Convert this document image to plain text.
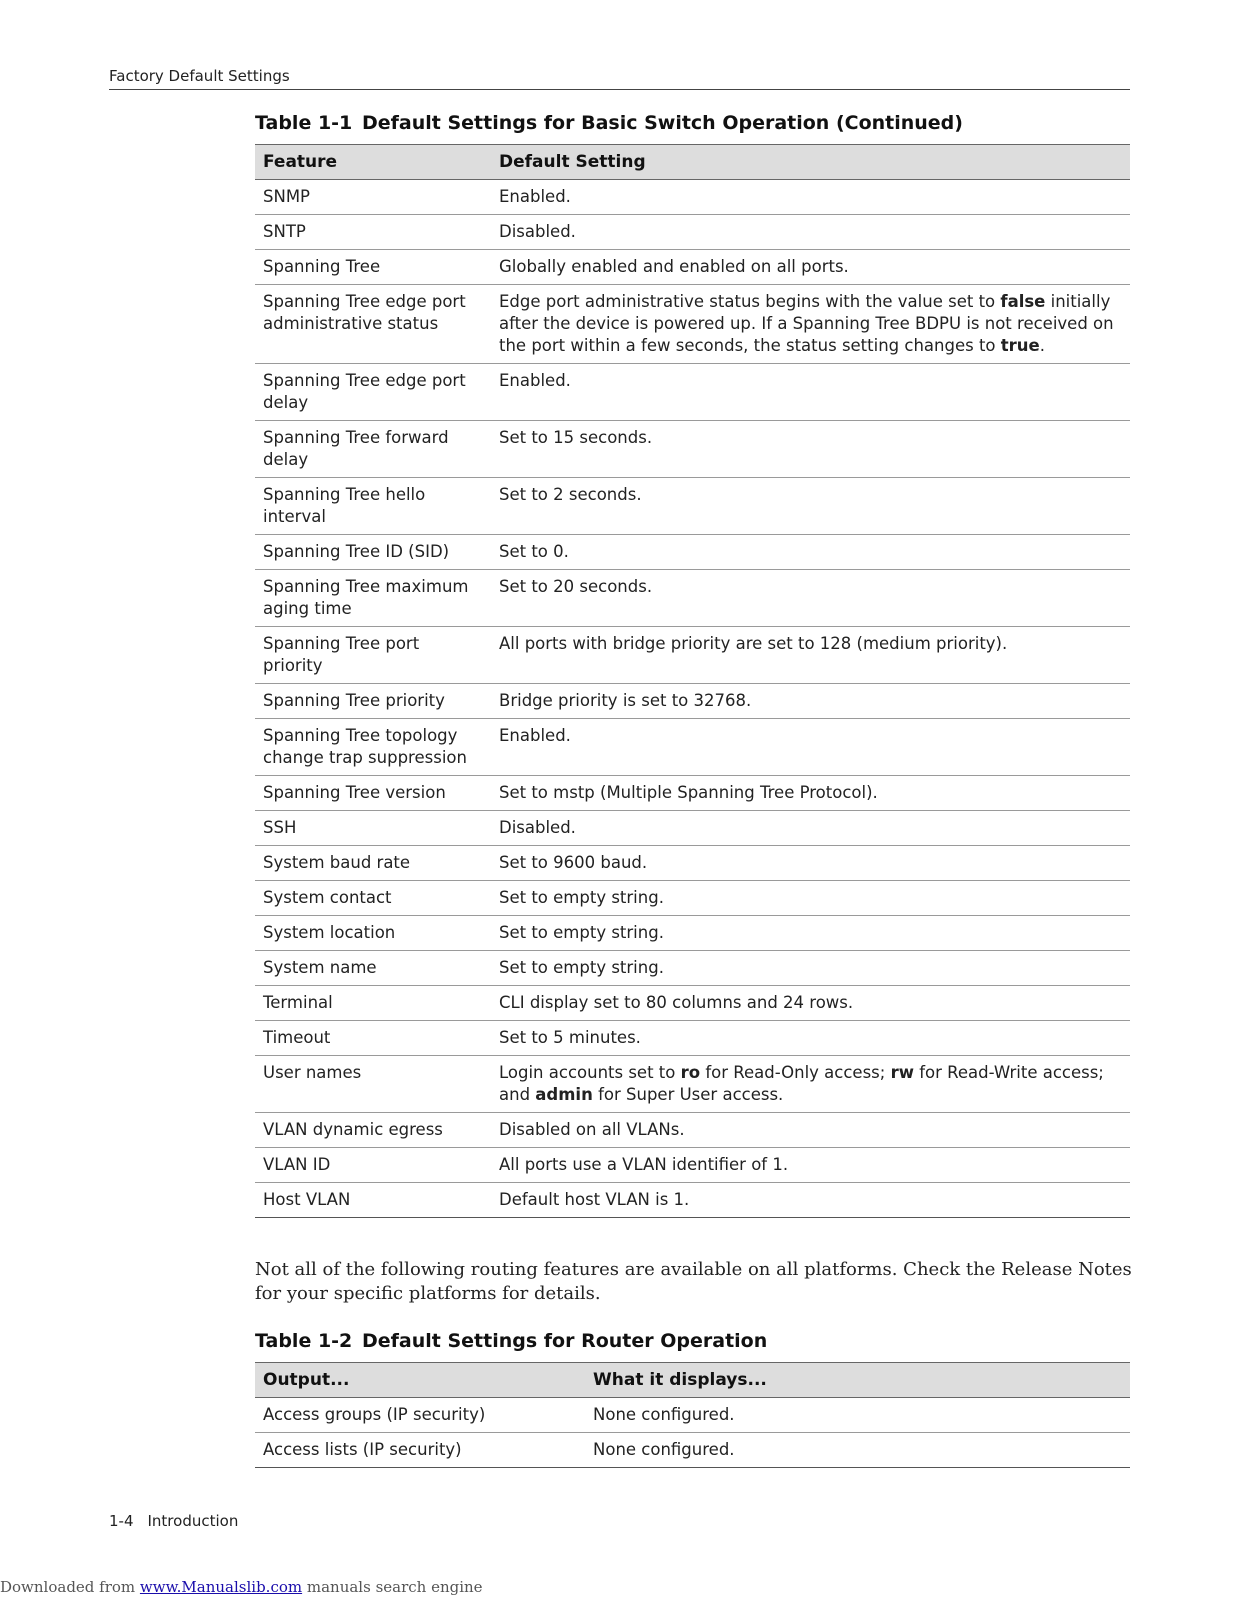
Factory Default Settings
Table 1-1 Default Settings for Basic Switch Operation (Continued)
Feature	Default Setting
SNMP	Enabled.
SNTP	Disabled.
Spanning Tree	Globally enabled and enabled on all ports.
Spanning Tree edge port administrative status	Edge port administrative status begins with the value set to false initially after the device is powered up. If a Spanning Tree BDPU is not received on the port within a few seconds, the status setting changes to true.
Spanning Tree edge port delay	Enabled.
Spanning Tree forward delay	Set to 15 seconds.
Spanning Tree hello interval	Set to 2 seconds.
Spanning Tree ID (SID)	Set to 0.
Spanning Tree maximum aging time	Set to 20 seconds.
Spanning Tree port priority	All ports with bridge priority are set to 128 (medium priority).
Spanning Tree priority	Bridge priority is set to 32768.
Spanning Tree topology change trap suppression	Enabled.
Spanning Tree version	Set to mstp (Multiple Spanning Tree Protocol).
SSH	Disabled.
System baud rate	Set to 9600 baud.
System contact	Set to empty string.
System location	Set to empty string.
System name	Set to empty string.
Terminal	CLI display set to 80 columns and 24 rows.
Timeout	Set to 5 minutes.
User names	Login accounts set to ro for Read-Only access; rw for Read-Write access; and admin for Super User access.
VLAN dynamic egress	Disabled on all VLANs.
VLAN ID	All ports use a VLAN identifier of 1.
Host VLAN	Default host VLAN is 1.
Not all of the following routing features are available on all platforms. Check the Release Notes for your specific platforms for details.
Table 1-2 Default Settings for Router Operation
Output...	What it displays...
Access groups (IP security)	None configured.
Access lists (IP security)	None configured.
1-4 Introduction
Downloaded from www.Manualslib.com manuals search engine
